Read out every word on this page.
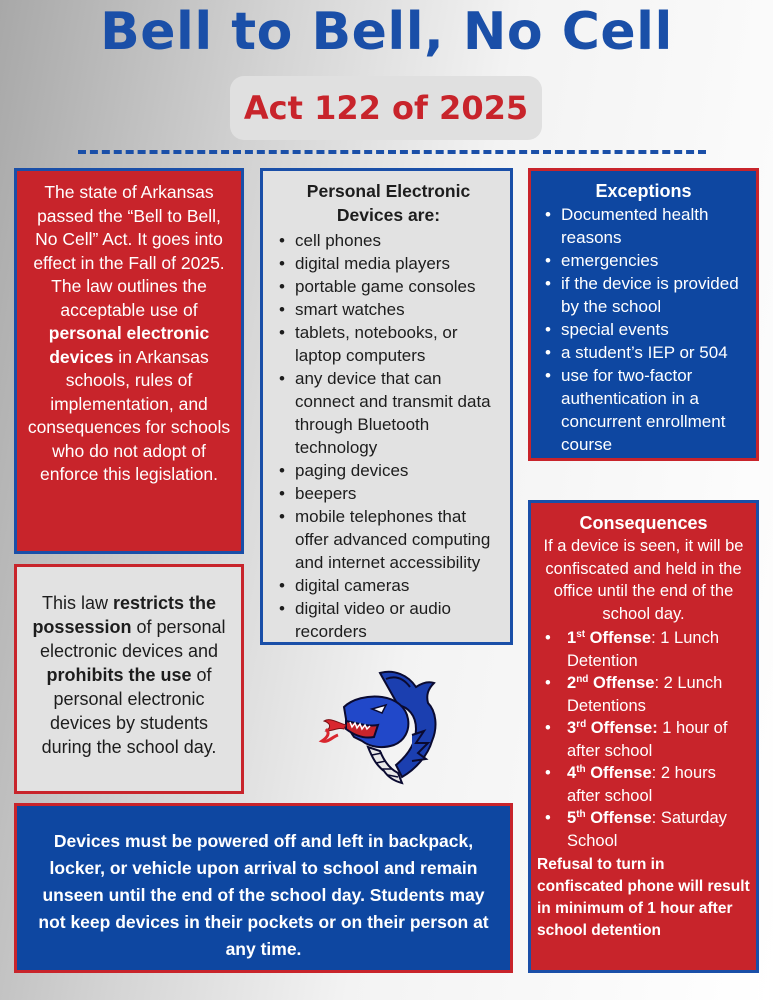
Bell to Bell, No Cell
Act 122 of 2025
The state of Arkansas passed the “Bell to Bell, No Cell” Act. It goes into effect in the Fall of 2025. The law outlines the acceptable use of personal electronic devices in Arkansas schools, rules of implementation, and consequences for schools who do not adopt of enforce this legislation.
This law restricts the possession of personal electronic devices and prohibits the use of personal electronic devices by students during the school day.
Personal Electronic Devices are:
• cell phones
• digital media players
• portable game consoles
• smart watches
• tablets, notebooks, or laptop computers
• any device that can connect and transmit data through Bluetooth technology
• paging devices
• beepers
• mobile telephones that offer advanced computing and internet accessibility
• digital cameras
• digital video or audio recorders
Exceptions
• Documented health reasons
• emergencies
• if the device is provided by the school
• special events
• a student’s IEP or 504
• use for two-factor authentication in a concurrent enrollment course
Consequences
If a device is seen, it will be confiscated and held in the office until the end of the school day.
• 1st Offense: 1 Lunch Detention
• 2nd Offense: 2 Lunch Detentions
• 3rd Offense: 1 hour of after school
• 4th Offense: 2 hours after school
• 5th Offense: Saturday School
Refusal to turn in confiscated phone will result in minimum of 1 hour after school detention
Devices must be powered off and left in backpack, locker, or vehicle upon arrival to school and remain unseen until the end of the school day. Students may not keep devices in their pockets or on their person at any time.
